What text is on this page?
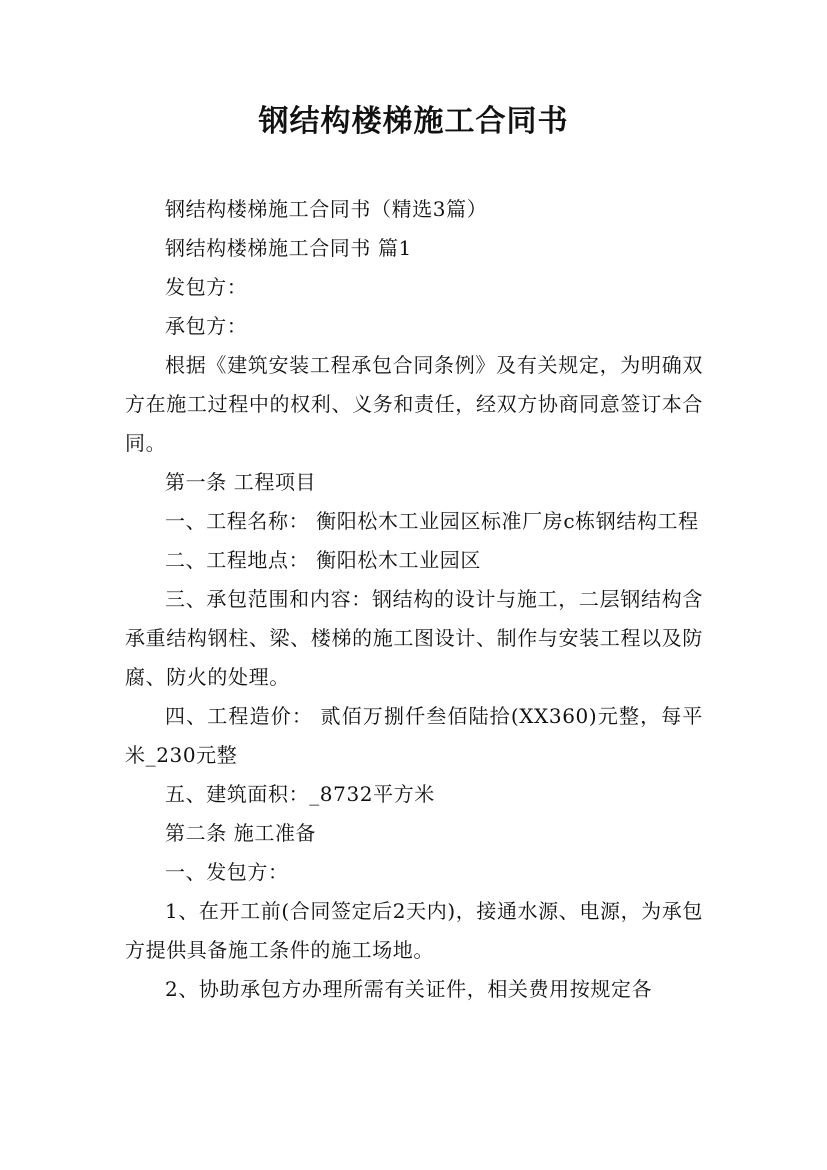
钢结构楼梯施工合同书

钢结构楼梯施工合同书（精选3篇）

钢结构楼梯施工合同书 篇1

发包方：

承包方：

根据《建筑安装工程承包合同条例》及有关规定，为明确双方在施工过程中的权利、义务和责任，经双方协商同意签订本合同。

第一条 工程项目

一、工程名称： 衡阳松木工业园区标准厂房c栋钢结构工程

二、工程地点： 衡阳松木工业园区

三、承包范围和内容：钢结构的设计与施工，二层钢结构含承重结构钢柱、梁、楼梯的施工图设计、制作与安装工程以及防腐、防火的处理。

四、工程造价： 贰佰万捌仟叁佰陆拾(XX360)元整，每平米_230元整

五、建筑面积：_8732平方米

第二条 施工准备

一、发包方：

1、在开工前(合同签定后2天内)，接通水源、电源，为承包方提供具备施工条件的施工场地。

2、协助承包方办理所需有关证件，相关费用按规定各
